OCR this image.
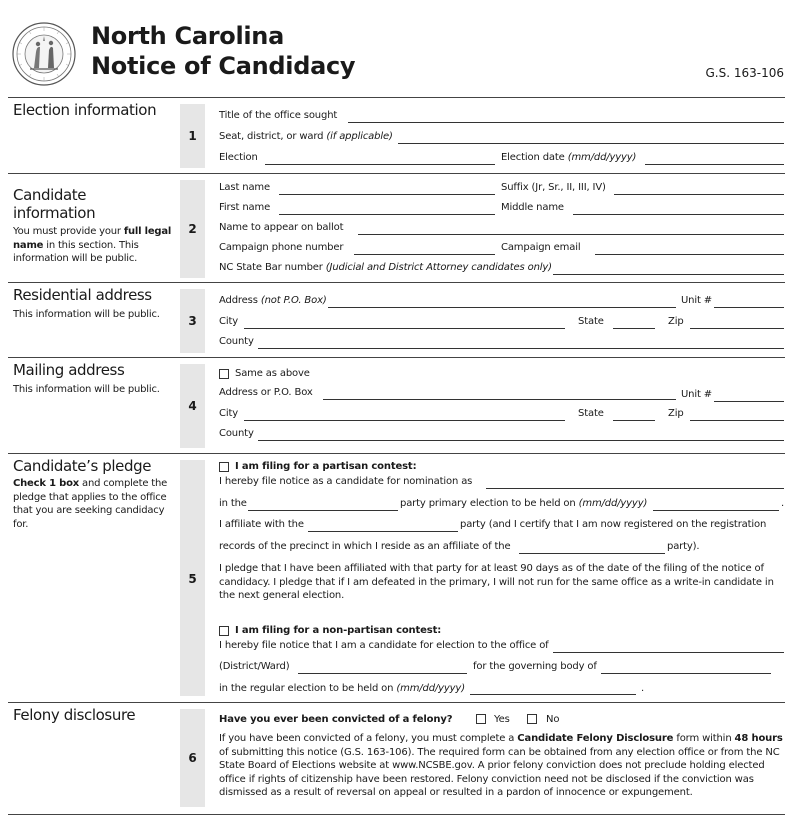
North Carolina
Notice of Candidacy	G.S. 163-106
Election information
1
Title of the office sought
Seat, district, or ward (if applicable)
Election	Election date (mm/dd/yyyy)
Candidate information
You must provide your full legal name in this section. This information will be public.
2
Last name	Suffix (Jr, Sr., II, III, IV)
First name	Middle name
Name to appear on ballot
Campaign phone number	Campaign email
NC State Bar number (Judicial and District Attorney candidates only)
Residential address
This information will be public.	3
Address (not P.O. Box)	Unit #
City	State	Zip
County
Mailing address
This information will be public.
4
Same as above
Address or P.O. Box	Unit #
City	State	Zip
County
Candidate’s pledge
Check 1 box and complete the pledge that applies to the office that you are seeking candidacy for.
5
I am filing for a partisan contest:
I hereby file notice as a candidate for nomination as
in the	party primary election to be held on (mm/dd/yyyy)	.
I affiliate with the	party (and I certify that I am now registered on the registration
records of the precinct in which I reside as an affiliate of the	party).
I pledge that I have been affiliated with that party for at least 90 days as of the date of the filing of the notice of candidacy. I pledge that if I am defeated in the primary, I will not run for the same office as a write-in candidate in the next general election.
I am filing for a non-partisan contest:
I hereby file notice that I am a candidate for election to the office of
(District/Ward)	for the governing body of
in the regular election to be held on (mm/dd/yyyy)	.
Felony disclosure
6
Have you ever been convicted of a felony?	Yes	No
If you have been convicted of a felony, you must complete a Candidate Felony Disclosure form within 48 hours of submitting this notice (G.S. 163-106). The required form can be obtained from any election office or from the NC State Board of Elections website at www.NCSBE.gov. A prior felony conviction does not preclude holding elected office if rights of citizenship have been restored. Felony conviction need not be disclosed if the conviction was dismissed as a result of reversal on appeal or resulted in a pardon of innocence or expungement.
